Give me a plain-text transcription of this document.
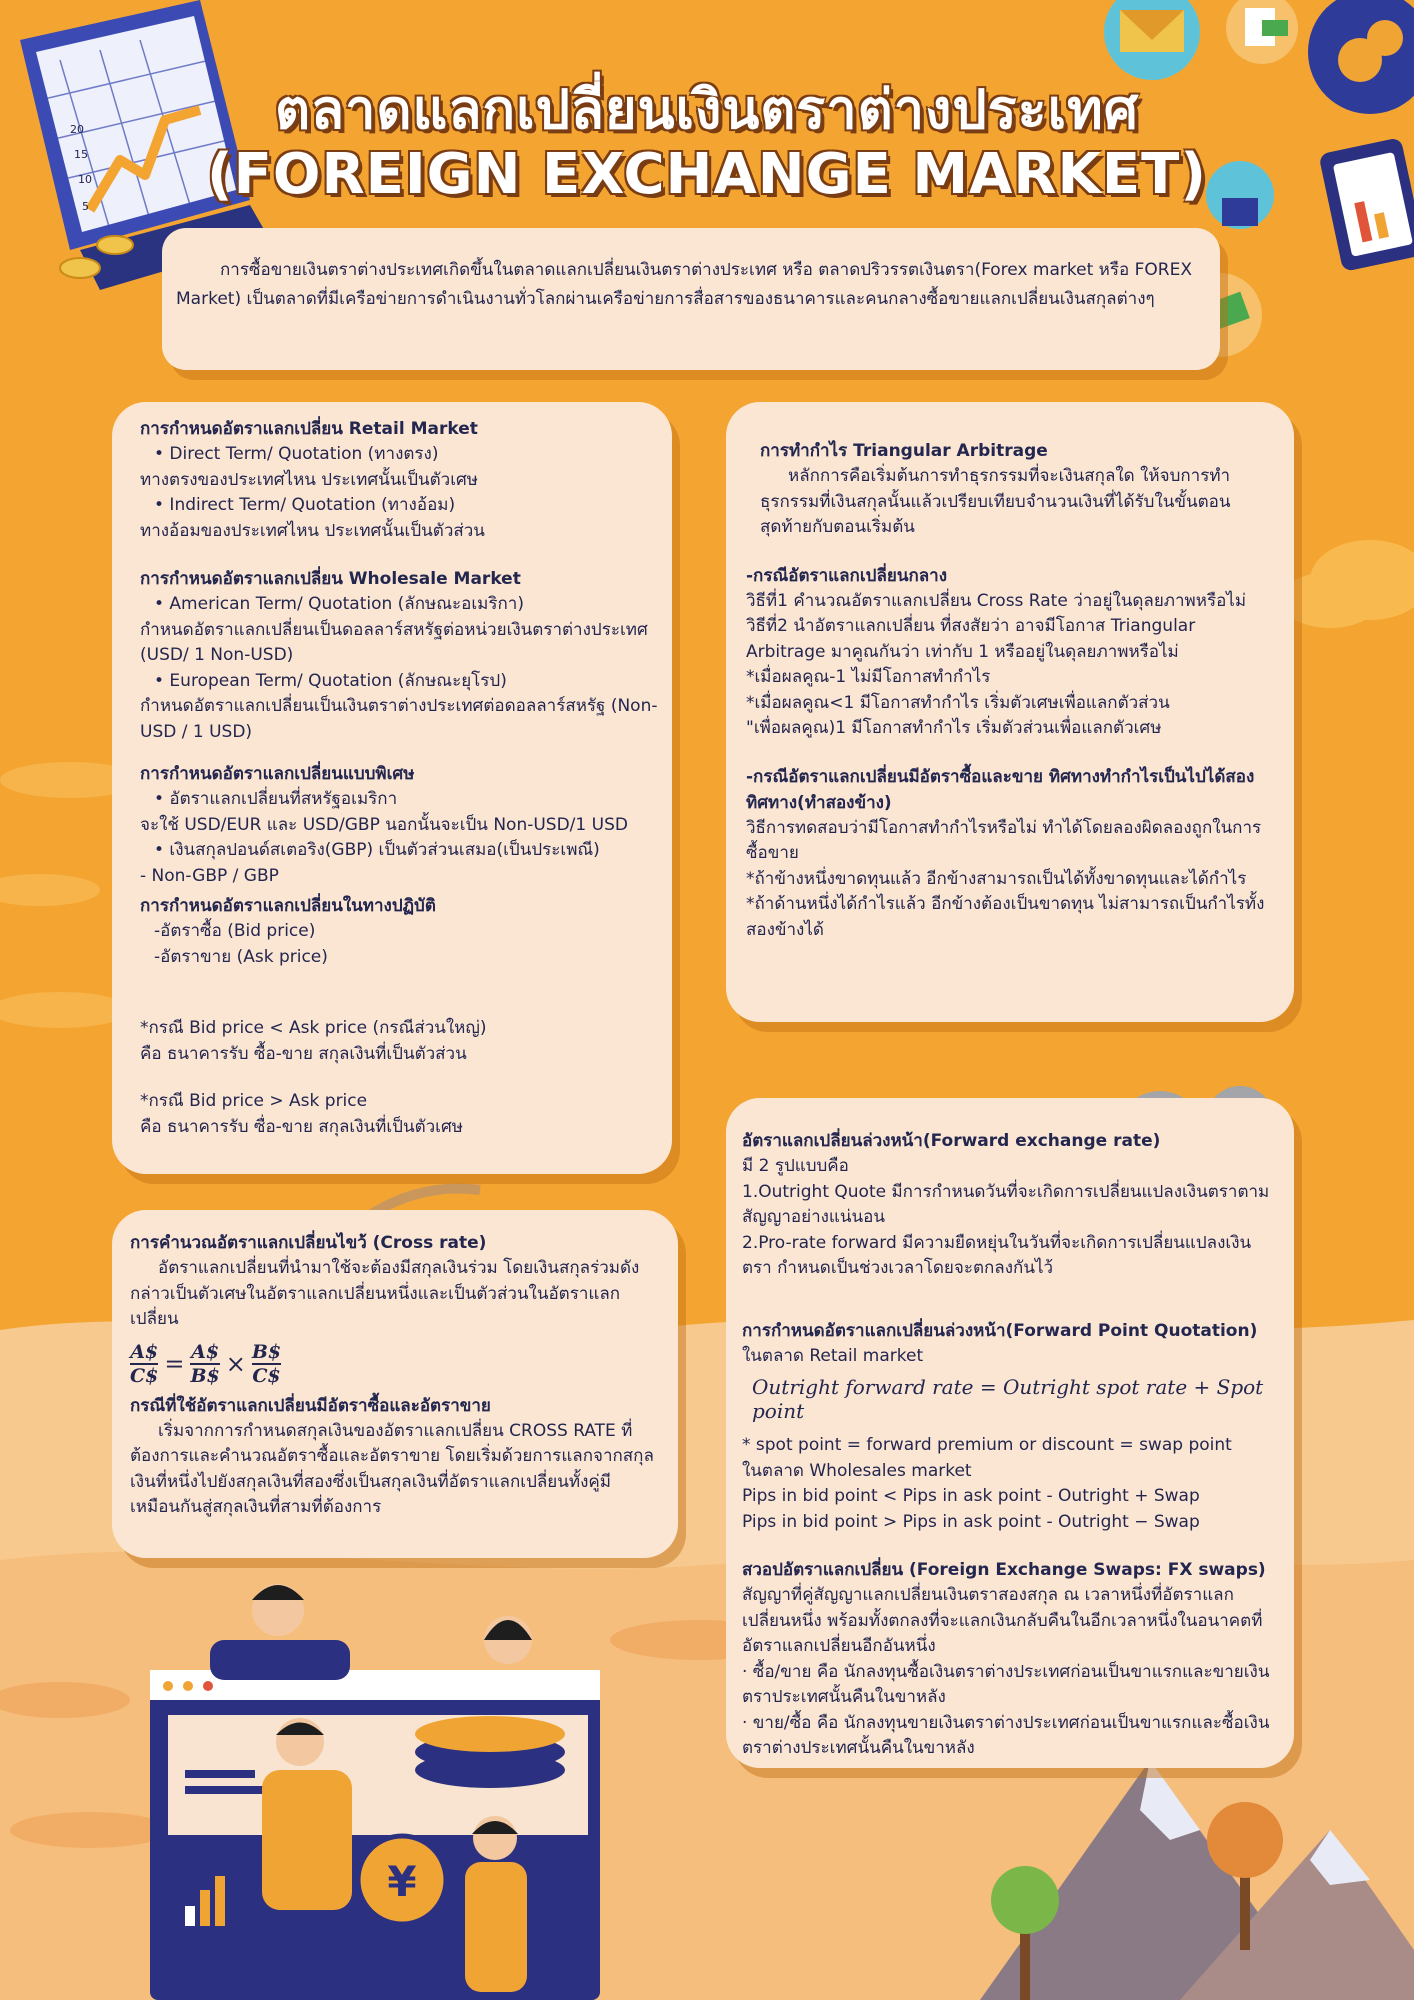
20
15
10
5
¥
ตลาดแลกเปลี่ยนเงินตราต่างประเทศ
(FOREIGN EXCHANGE MARKET)

การซื้อขายเงินตราต่างประเทศเกิดขึ้นในตลาดแลกเปลี่ยนเงินตราต่างประเทศ หรือ ตลาดปริวรรตเงินตรา(Forex market หรือ FOREX Market) เป็นตลาดที่มีเครือข่ายการดำเนินงานทั่วโลกผ่านเครือข่ายการสื่อสารของธนาคารและคนกลางซื้อขายแลกเปลี่ยนเงินสกุลต่างๆ

การกำหนดอัตราแลกเปลี่ยน Retail Market

• Direct Term/ Quotation (ทางตรง)

ทางตรงของประเทศไหน ประเทศนั้นเป็นตัวเศษ

• Indirect Term/ Quotation (ทางอ้อม)

ทางอ้อมของประเทศไหน ประเทศนั้นเป็นตัวส่วน

การกำหนดอัตราแลกเปลี่ยน Wholesale Market

• American Term/ Quotation (ลักษณะอเมริกา)

กำหนดอัตราแลกเปลี่ยนเป็นดอลลาร์สหรัฐต่อหน่วยเงินตราต่างประเทศ (USD/ 1 Non-USD)

• European Term/ Quotation (ลักษณะยุโรป)

กำหนดอัตราแลกเปลี่ยนเป็นเงินตราต่างประเทศต่อดอลลาร์สหรัฐ (Non-USD / 1 USD)

การกำหนดอัตราแลกเปลี่ยนแบบพิเศษ

• อัตราแลกเปลี่ยนที่สหรัฐอเมริกา

จะใช้ USD/EUR และ USD/GBP นอกนั้นจะเป็น Non-USD/1 USD

• เงินสกุลปอนด์สเตอริง(GBP) เป็นตัวส่วนเสมอ(เป็นประเพณี)

- Non-GBP / GBP

การกำหนดอัตราแลกเปลี่ยนในทางปฏิบัติ

-อัตราซื้อ (Bid price)

-อัตราขาย (Ask price)

*กรณี Bid price < Ask price (กรณีส่วนใหญ่)

คือ ธนาคารรับ ซื้อ-ขาย สกุลเงินที่เป็นตัวส่วน

*กรณี Bid price > Ask price

คือ ธนาคารรับ ซื่อ-ขาย สกุลเงินที่เป็นตัวเศษ

การคำนวณอัตราแลกเปลี่ยนไขว้ (Cross rate)

อัตราแลกเปลี่ยนที่นำมาใช้จะต้องมีสกุลเงินร่วม โดยเงินสกุลร่วมดังกล่าวเป็นตัวเศษในอัตราแลกเปลี่ยนหนึ่งและเป็นตัวส่วนในอัตราแลกเปลี่ยน

$\frac{A\$}{C\$} = \frac{A\$}{B\$} \times \frac{B\$}{C\$}$

กรณีที่ใช้อัตราแลกเปลี่ยนมีอัตราซื้อและอัตราขาย

เริ่มจากการกำหนดสกุลเงินของอัตราแลกเปลี่ยน CROSS RATE ที่ต้องการและคำนวณอัตราซื้อและอัตราขาย โดยเริ่มด้วยการแลกจากสกุลเงินที่หนึ่งไปยังสกุลเงินที่สองซึ่งเป็นสกุลเงินที่อัตราแลกเปลี่ยนทั้งคู่มีเหมือนกันสู่สกุลเงินที่สามที่ต้องการ

การทำกำไร Triangular Arbitrage

หลักการคือเริ่มต้นการทำธุรกรรมที่จะเงินสกุลใด ให้จบการทำธุรกรรมที่เงินสกุลนั้นแล้วเปรียบเทียบจำนวนเงินที่ได้รับในขั้นตอนสุดท้ายกับตอนเริ่มต้น

-กรณีอัตราแลกเปลี่ยนกลาง

วิธีที่1 คำนวณอัตราแลกเปลี่ยน Cross Rate ว่าอยู่ในดุลยภาพหรือไม่

วิธีที่2 นำอัตราแลกเปลี่ยน ที่สงสัยว่า อาจมีโอกาส Triangular Arbitrage มาคูณกันว่า เท่ากับ 1 หรืออยู่ในดุลยภาพหรือไม่

*เมื่อผลคูณ-1 ไม่มีโอกาสทำกำไร

*เมื่อผลคูณ<1 มีโอกาสทำกำไร เริ่มตัวเศษเพื่อแลกตัวส่วน

"เพื่อผลคูณ)1 มีโอกาสทำกำไร เริ่มตัวส่วนเพื่อแลกตัวเศษ

-กรณีอัตราแลกเปลี่ยนมีอัตราซื้อและขาย ทิศทางทำกำไรเป็นไปได้สองทิศทาง(ทำสองข้าง)

วิธีการทดสอบว่ามีโอกาสทำกำไรหรือไม่ ทำได้โดยลองผิดลองถูกในการซื้อขาย

*ถ้าข้างหนึ่งขาดทุนแล้ว อีกข้างสามารถเป็นได้ทั้งขาดทุนและได้กำไร

*ถ้าด้านหนึ่งได้กำไรแล้ว อีกข้างต้องเป็นขาดทุน ไม่สามารถเป็นกำไรทั้งสองข้างได้

อัตราแลกเปลี่ยนล่วงหน้า(Forward exchange rate)

มี 2 รูปแบบคือ

1.Outright Quote มีการกำหนดวันที่จะเกิดการเปลี่ยนแปลงเงินตราตามสัญญาอย่างแน่นอน

2.Pro-rate forward มีความยืดหยุ่นในวันที่จะเกิดการเปลี่ยนแปลงเงินตรา กำหนดเป็นช่วงเวลาโดยจะตกลงกันไว้

การกำหนดอัตราแลกเปลี่ยนล่วงหน้า(Forward Point Quotation)

ในตลาด Retail market

Outright forward rate = Outright spot rate + Spot point

* spot point = forward premium or discount = swap point

ในตลาด Wholesales market

Pips in bid point < Pips in ask point - Outright + Swap

Pips in bid point > Pips in ask point - Outright − Swap

สวอปอัตราแลกเปลี่ยน (Foreign Exchange Swaps: FX swaps)

สัญญาที่คู่สัญญาแลกเปลี่ยนเงินตราสองสกุล ณ เวลาหนึ่งที่อัตราแลกเปลี่ยนหนึ่ง พร้อมทั้งตกลงที่จะแลกเงินกลับคืนในอีกเวลาหนึ่งในอนาคตที่อัตราแลกเปลี่ยนอีกอันหนึ่ง

· ซื้อ/ขาย คือ นักลงทุนซื้อเงินตราต่างประเทศก่อนเป็นขาแรกและขายเงินตราประเทศนั้นคืนในขาหลัง

· ขาย/ซื้อ คือ นักลงทุนขายเงินตราต่างประเทศก่อนเป็นขาแรกและซื้อเงินตราต่างประเทศนั้นคืนในขาหลัง
